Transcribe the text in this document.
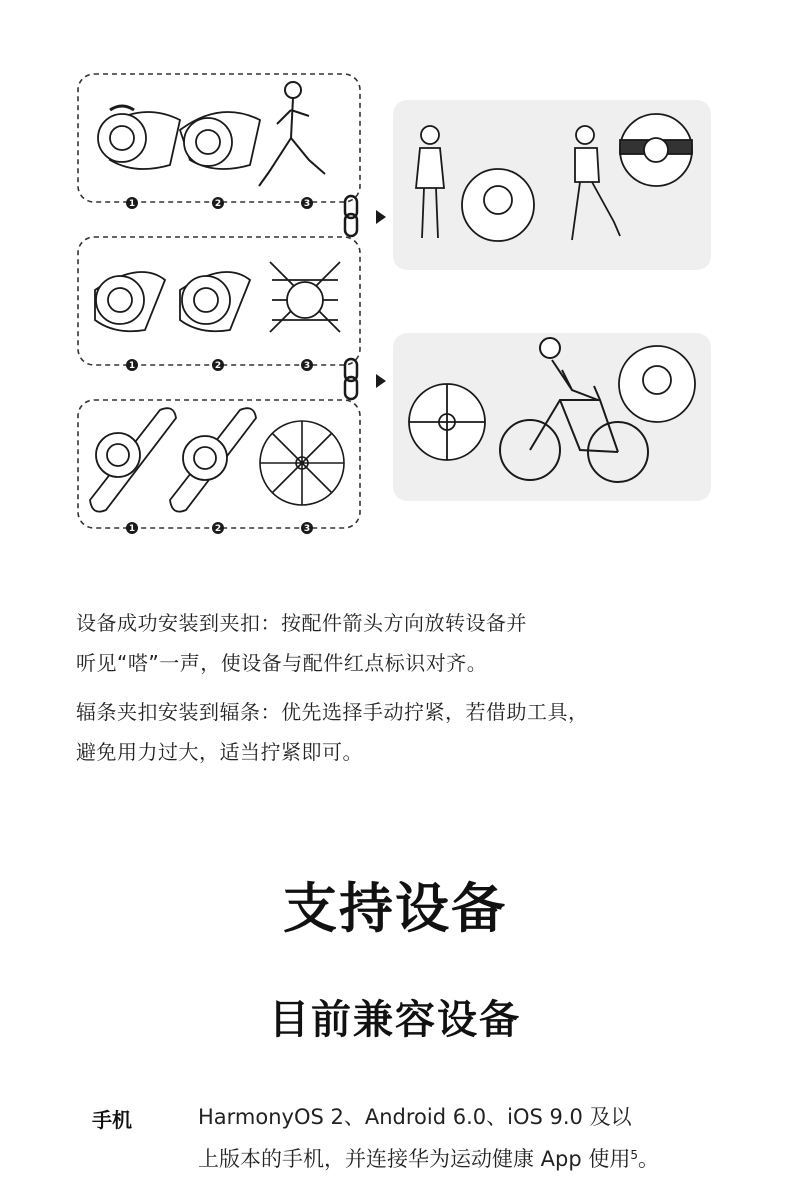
1	2	3
1	2	3
1	2	3
设备成功安装到夹扣：按配件箭头方向放转设备并
听见“嗒”一声，使设备与配件红点标识对齐。
辐条夹扣安装到辐条：优先选择手动拧紧，若借助工具，
避免用力过大，适当拧紧即可。
支持设备
目前兼容设备
手机	HarmonyOS 2、Android 6.0、iOS 9.0 及以
上版本的手机，并连接华为运动健康 App 使用$^5$。
